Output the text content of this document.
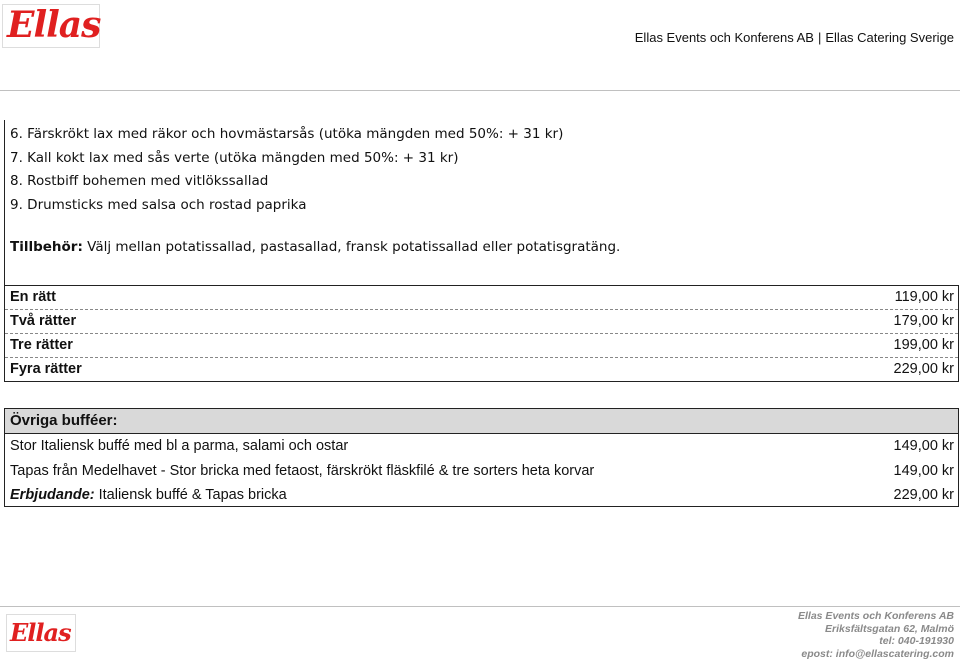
Ellas	Ellas Events och Konferens AB | Ellas Catering Sverige
6. Färskrökt lax med räkor och hovmästarsås (utöka mängden med 50%: + 31 kr)
7. Kall kokt lax med sås verte (utöka mängden med 50%: + 31 kr)
8. Rostbiff bohemen med vitlökssallad
9. Drumsticks med salsa och rostad paprika
Tillbehör: Välj mellan potatissallad, pastasallad, fransk potatissallad eller potatisgratäng.
En rätt	119,00 kr
Två rätter	179,00 kr
Tre rätter	199,00 kr
Fyra rätter	229,00 kr
Övriga bufféer:
Stor Italiensk buffé med bl a parma, salami och ostar	149,00 kr
Tapas från Medelhavet - Stor bricka med fetaost, färskrökt fläskfilé & tre sorters heta korvar	149,00 kr
Erbjudande: Italiensk buffé & Tapas bricka	229,00 kr
Ellas
Ellas Events och Konferens AB
Eriksfältsgatan 62, Malmö
tel: 040-191930
epost: info@ellascatering.com
